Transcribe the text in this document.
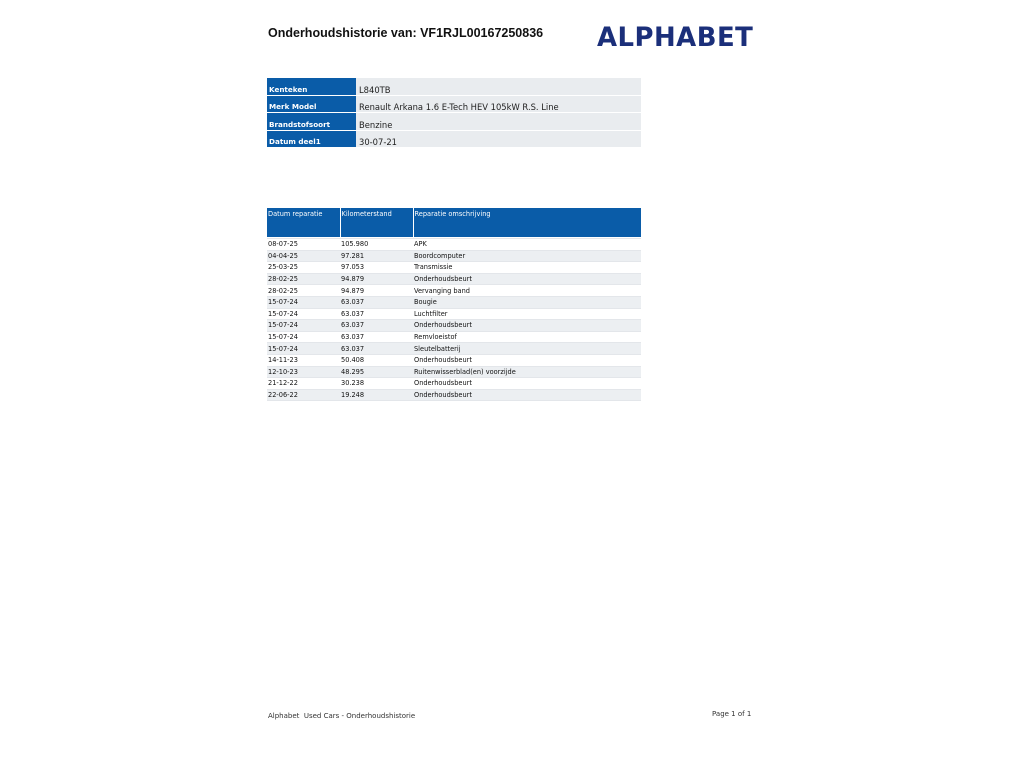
Onderhoudshistorie van: VF1RJL00167250836 ALPHABET
Kenteken	L840TB
Merk Model	Renault Arkana 1.6 E-Tech HEV 105kW R.S. Line
Brandstofsoort	Benzine
Datum deel1	30-07-21
Datum reparatie	Kilometerstand	Reparatie omschrijving

08-07-25	105.980	APK
04-04-25	97.281	Boordcomputer
25-03-25	97.053	Transmissie
28-02-25	94.879	Onderhoudsbeurt
28-02-25	94.879	Vervanging band
15-07-24	63.037	Bougie
15-07-24	63.037	Luchtfilter
15-07-24	63.037	Onderhoudsbeurt
15-07-24	63.037	Remvloeistof
15-07-24	63.037	Sleutelbatterij
14-11-23	50.408	Onderhoudsbeurt
12-10-23	48.295	Ruitenwisserblad(en) voorzijde
21-12-22	30.238	Onderhoudsbeurt
22-06-22	19.248	Onderhoudsbeurt
Alphabet  Used Cars - Onderhoudshistorie	Page 1 of 1
